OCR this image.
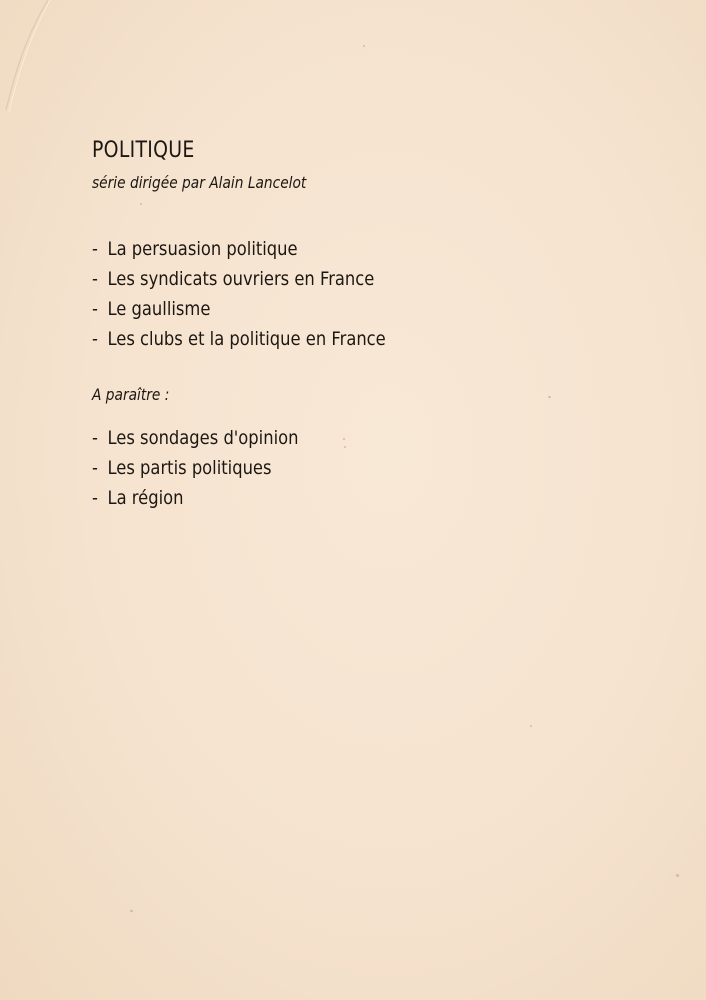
POLITIQUE
série dirigée par Alain Lancelot
- La persuasion politique
- Les syndicats ouvriers en France
- Le gaullisme
- Les clubs et la politique en France
A paraître :
- Les sondages d'opinion
- Les partis politiques
- La région
